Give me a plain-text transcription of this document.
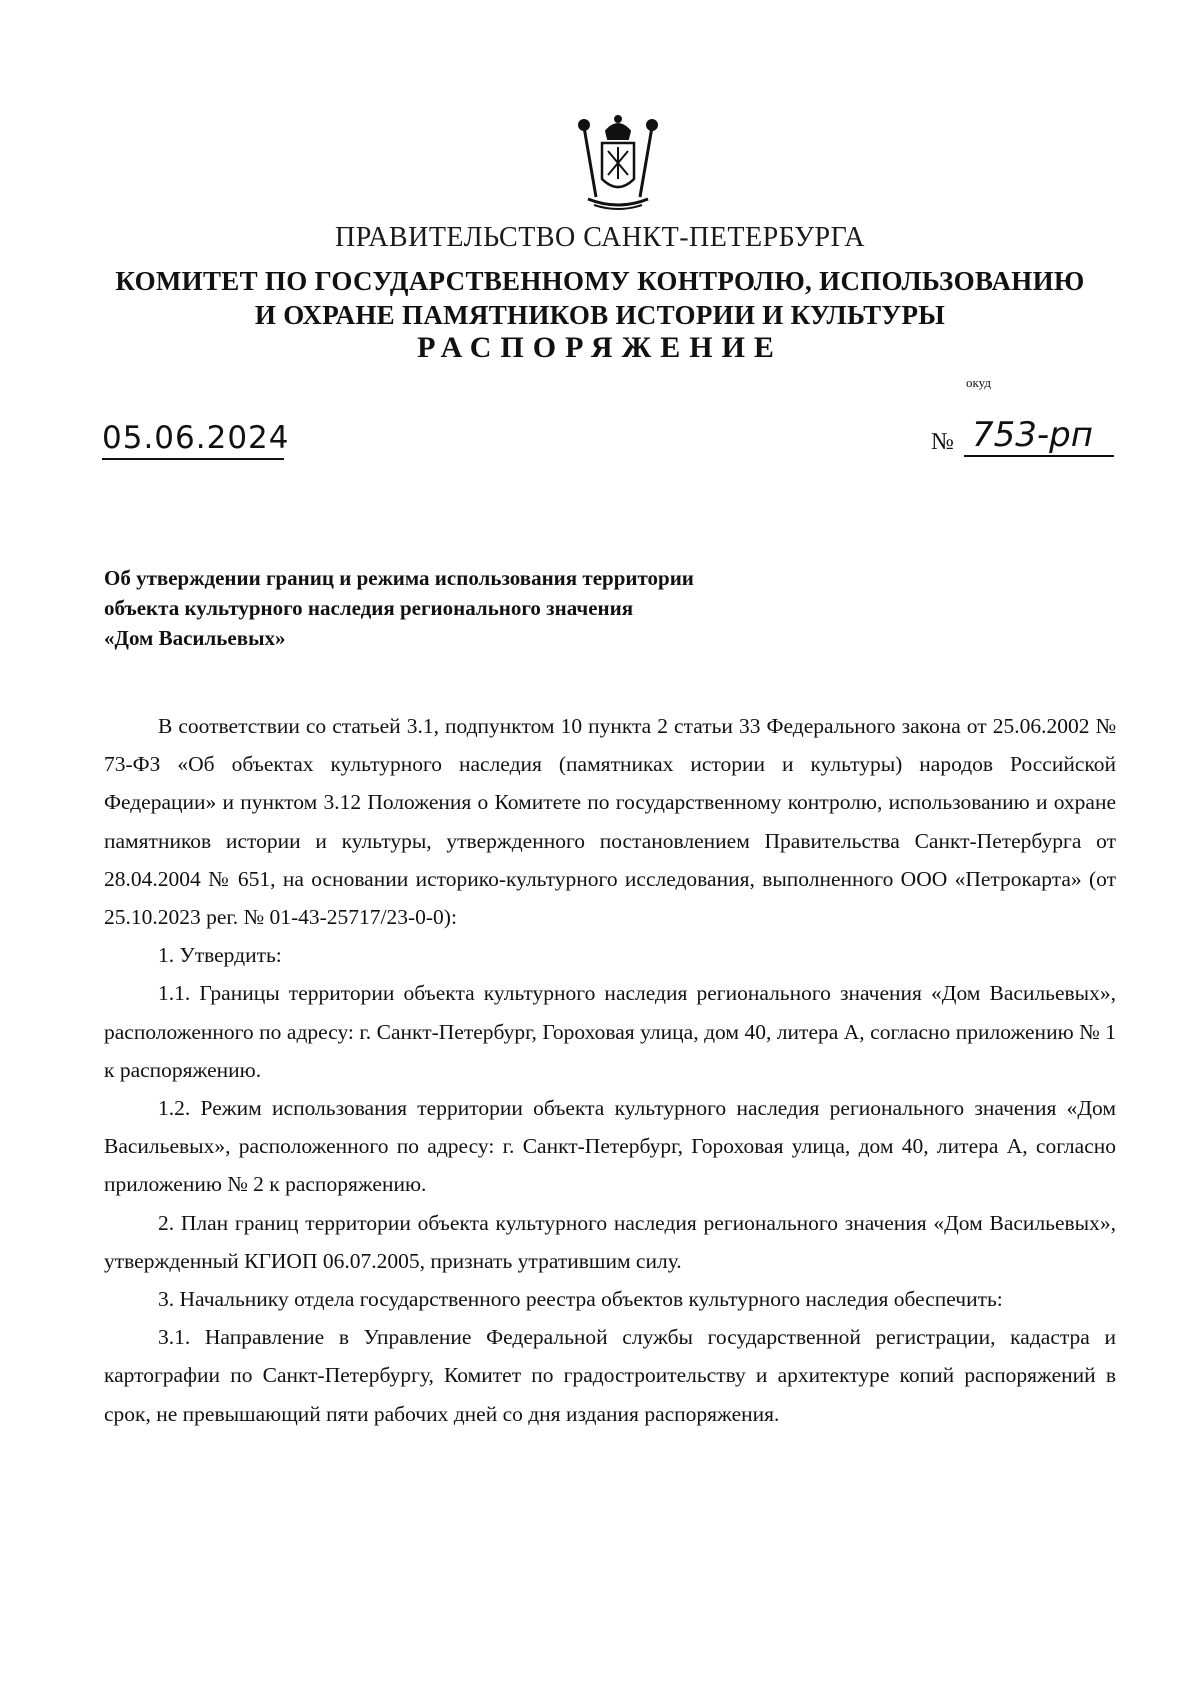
ПРАВИТЕЛЬСТВО САНКТ-ПЕТЕРБУРГА
КОМИТЕТ ПО ГОСУДАРСТВЕННОМУ КОНТРОЛЮ, ИСПОЛЬЗОВАНИЮ
И ОХРАНЕ ПАМЯТНИКОВ ИСТОРИИ И КУЛЬТУРЫ
РАСПОРЯЖЕНИЕ
окуд
05.06.2024	№ 753-рп
Об утверждении границ и режима использования территории
объекта культурного наследия регионального значения
«Дом Васильевых»

В соответствии со статьей 3.1, подпунктом 10 пункта 2 статьи 33 Федерального закона от 25.06.2002 № 73-ФЗ «Об объектах культурного наследия (памятниках истории и культуры) народов Российской Федерации» и пунктом 3.12 Положения о Комитете по государственному контролю, использованию и охране памятников истории и культуры, утвержденного постановлением Правительства Санкт-Петербурга от 28.04.2004 № 651, на основании историко-культурного исследования, выполненного ООО «Петрокарта» (от 25.10.2023 рег. № 01-43-25717/23-0-0):

1. Утвердить:

1.1. Границы территории объекта культурного наследия регионального значения «Дом Васильевых», расположенного по адресу: г. Санкт-Петербург, Гороховая улица, дом 40, литера А, согласно приложению № 1 к распоряжению.

1.2. Режим использования территории объекта культурного наследия регионального значения «Дом Васильевых», расположенного по адресу: г. Санкт-Петербург, Гороховая улица, дом 40, литера А, согласно приложению № 2 к распоряжению.

2. План границ территории объекта культурного наследия регионального значения «Дом Васильевых», утвержденный КГИОП 06.07.2005, признать утратившим силу.

3. Начальнику отдела государственного реестра объектов культурного наследия обеспечить:

3.1. Направление в Управление Федеральной службы государственной регистрации, кадастра и картографии по Санкт-Петербургу, Комитет по градостроительству и архитектуре копий распоряжений в срок, не превышающий пяти рабочих дней со дня издания распоряжения.
